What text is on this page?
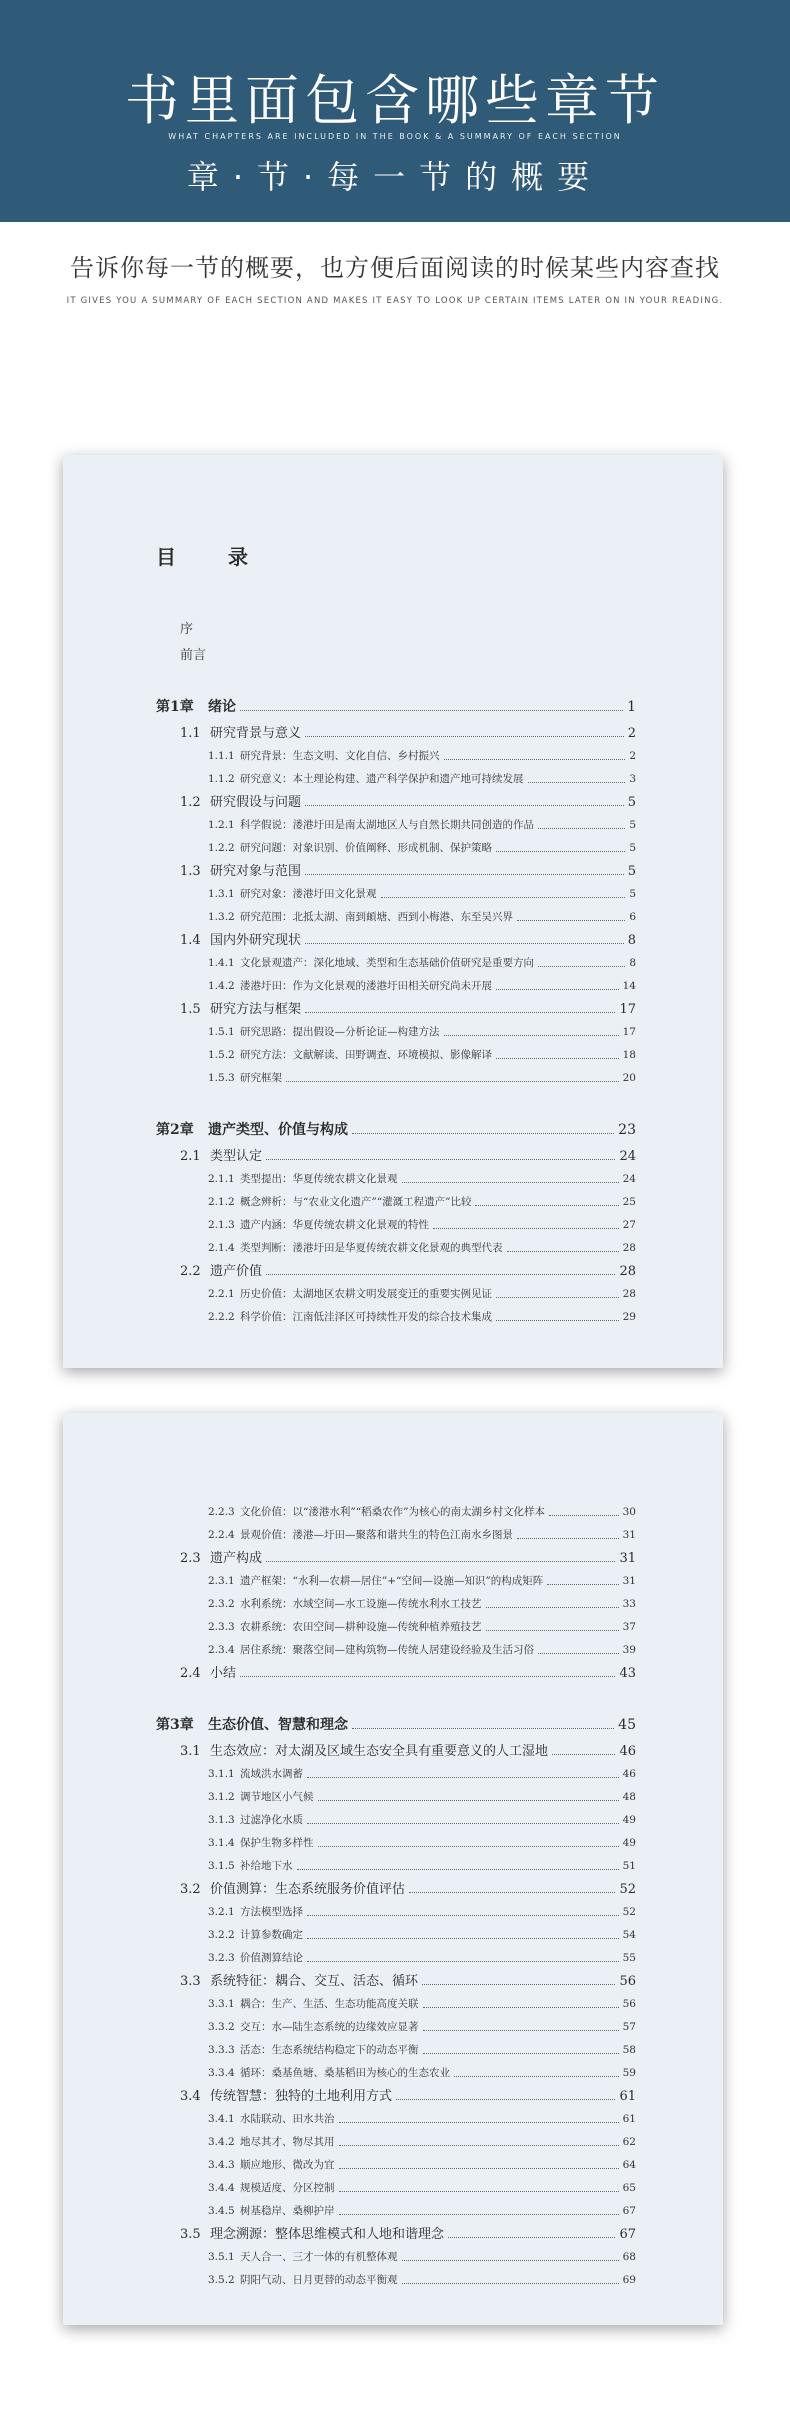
书里面包含哪些章节
WHAT CHAPTERS ARE INCLUDED IN THE BOOK & A SUMMARY OF EACH SECTION
章·节·每一节的概要
告诉你每一节的概要，也方便后面阅读的时候某些内容查找
IT GIVES YOU A SUMMARY OF EACH SECTION AND MAKES IT EASY TO LOOK UP CERTAIN ITEMS LATER ON IN YOUR READING.
目　录
序
前言
第1章	绪论	1
1.1 研究背景与意义	2
1.1.1 研究背景：生态文明、文化自信、乡村振兴	2
1.1.2 研究意义：本土理论构建、遗产科学保护和遗产地可持续发展	3
1.2 研究假设与问题	5
1.2.1 科学假说：溇港圩田是南太湖地区人与自然长期共同创造的作品	5
1.2.2 研究问题：对象识别、价值阐释、形成机制、保护策略	5
1.3 研究对象与范围	5
1.3.1 研究对象：溇港圩田文化景观	5
1.3.2 研究范围：北抵太湖、南到頔塘、西到小梅港、东至吴兴界	6
1.4 国内外研究现状	8
1.4.1 文化景观遗产：深化地域、类型和生态基础价值研究是重要方向	8
1.4.2 溇港圩田：作为文化景观的溇港圩田相关研究尚未开展	14
1.5 研究方法与框架	17
1.5.1 研究思路：提出假设—分析论证—构建方法	17
1.5.2 研究方法：文献解读、田野调查、环境模拟、影像解译	18
1.5.3 研究框架	20
第2章	遗产类型、价值与构成	23
2.1 类型认定	24
2.1.1 类型提出：华夏传统农耕文化景观	24
2.1.2 概念辨析：与“农业文化遗产”“灌溉工程遗产”比较	25
2.1.3 遗产内涵：华夏传统农耕文化景观的特性	27
2.1.4 类型判断：溇港圩田是华夏传统农耕文化景观的典型代表	28
2.2 遗产价值	28
2.2.1 历史价值：太湖地区农耕文明发展变迁的重要实例见证	28
2.2.2 科学价值：江南低洼泽区可持续性开发的综合技术集成	29
2.2.3 文化价值：以“溇港水利”“稻桑农作”为核心的南太湖乡村文化样本	30
2.2.4 景观价值：溇港—圩田—聚落和谐共生的特色江南水乡图景	31
2.3 遗产构成	31
2.3.1 遗产框架：“水利—农耕—居住”+“空间—设施—知识”的构成矩阵	31
2.3.2 水利系统：水域空间—水工设施—传统水利水工技艺	33
2.3.3 农耕系统：农田空间—耕种设施—传统种植养殖技艺	37
2.3.4 居住系统：聚落空间—建构筑物—传统人居建设经验及生活习俗	39
2.4 小结	43
第3章	生态价值、智慧和理念	45
3.1 生态效应：对太湖及区域生态安全具有重要意义的人工湿地	46
3.1.1 流域洪水调蓄	46
3.1.2 调节地区小气候	48
3.1.3 过滤净化水质	49
3.1.4 保护生物多样性	49
3.1.5 补给地下水	51
3.2 价值测算：生态系统服务价值评估	52
3.2.1 方法模型选择	52
3.2.2 计算参数确定	54
3.2.3 价值测算结论	55
3.3 系统特征：耦合、交互、活态、循环	56
3.3.1 耦合：生产、生活、生态功能高度关联	56
3.3.2 交互：水—陆生态系统的边缘效应显著	57
3.3.3 活态：生态系统结构稳定下的动态平衡	58
3.3.4 循环：桑基鱼塘、桑基稻田为核心的生态农业	59
3.4 传统智慧：独特的土地利用方式	61
3.4.1 水陆联动、田水共治	61
3.4.2 地尽其才、物尽其用	62
3.4.3 顺应地形、微改为宜	64
3.4.4 规模适度、分区控制	65
3.4.5 树基稳岸、桑柳护岸	67
3.5 理念溯源：整体思维模式和人地和谐理念	67
3.5.1 天人合一、三才一体的有机整体观	68
3.5.2 阴阳气动、日月更替的动态平衡观	69
